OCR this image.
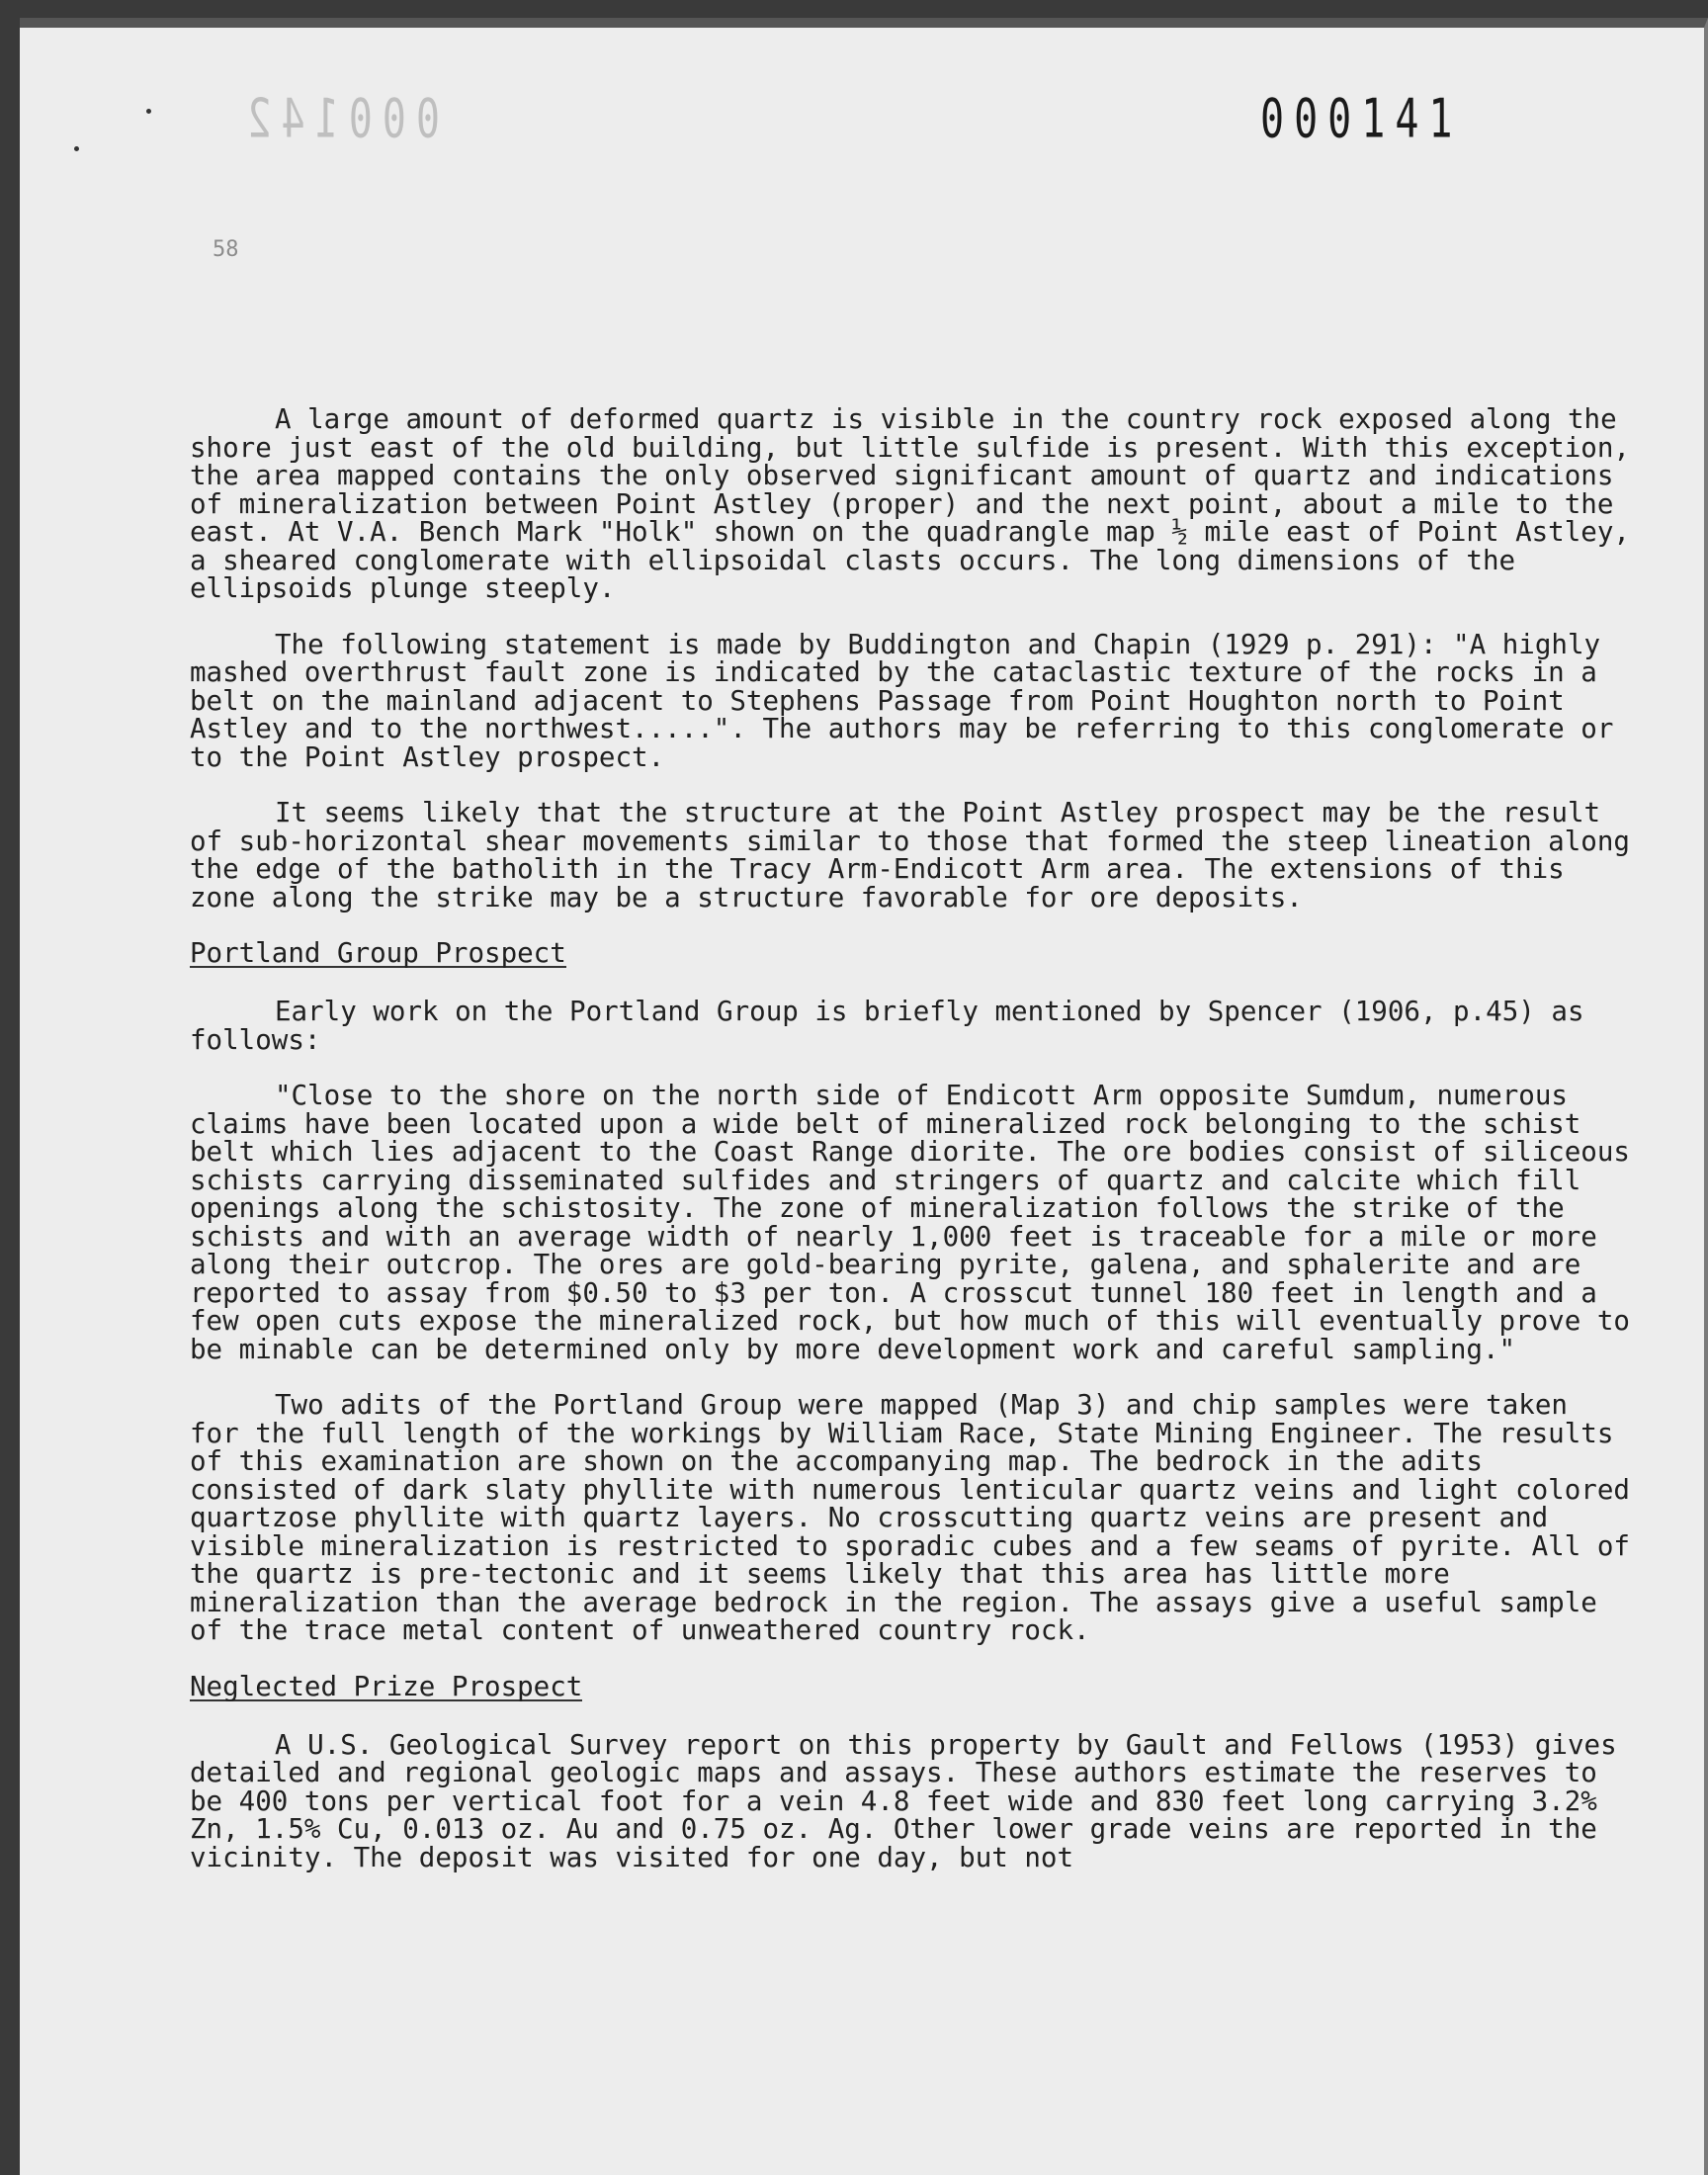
000142	000141
58

A large amount of deformed quartz is visible in the country rock exposed along the shore just east of the old building, but little sulfide is present. With this exception, the area mapped contains the only observed significant amount of quartz and indications of mineralization between Point Astley (proper) and the next point, about a mile to the east. At V.A. Bench Mark "Holk" shown on the quadrangle map ½ mile east of Point Astley, a sheared conglomerate with ellipsoidal clasts occurs. The long dimensions of the ellipsoids plunge steeply.

The following statement is made by Buddington and Chapin (1929 p. 291): "A highly mashed overthrust fault zone is indicated by the cataclastic texture of the rocks in a belt on the mainland adjacent to Stephens Passage from Point Houghton north to Point Astley and to the northwest.....". The authors may be referring to this conglomerate or to the Point Astley prospect.

It seems likely that the structure at the Point Astley prospect may be the result of sub-horizontal shear movements similar to those that formed the steep lineation along the edge of the batholith in the Tracy Arm-Endicott Arm area. The extensions of this zone along the strike may be a structure favorable for ore deposits.

Portland Group Prospect

Early work on the Portland Group is briefly mentioned by Spencer (1906, p.45) as follows:

"Close to the shore on the north side of Endicott Arm opposite Sumdum, numerous claims have been located upon a wide belt of mineralized rock belonging to the schist belt which lies adjacent to the Coast Range diorite. The ore bodies consist of siliceous schists carrying disseminated sulfides and stringers of quartz and calcite which fill openings along the schistosity. The zone of mineralization follows the strike of the schists and with an average width of nearly 1,000 feet is traceable for a mile or more along their outcrop. The ores are gold-bearing pyrite, galena, and sphalerite and are reported to assay from $0.50 to $3 per ton. A crosscut tunnel 180 feet in length and a few open cuts expose the mineralized rock, but how much of this will eventually prove to be minable can be determined only by more development work and careful sampling."

Two adits of the Portland Group were mapped (Map 3) and chip samples were taken for the full length of the workings by William Race, State Mining Engineer. The results of this examination are shown on the accompanying map. The bedrock in the adits consisted of dark slaty phyllite with numerous lenticular quartz veins and light colored quartzose phyllite with quartz layers. No crosscutting quartz veins are present and visible mineralization is restricted to sporadic cubes and a few seams of pyrite. All of the quartz is pre-tectonic and it seems likely that this area has little more mineralization than the average bedrock in the region. The assays give a useful sample of the trace metal content of unweathered country rock.

Neglected Prize Prospect

A U.S. Geological Survey report on this property by Gault and Fellows (1953) gives detailed and regional geologic maps and assays. These authors estimate the reserves to be 400 tons per vertical foot for a vein 4.8 feet wide and 830 feet long carrying 3.2% Zn, 1.5% Cu, 0.013 oz. Au and 0.75 oz. Ag. Other lower grade veins are reported in the vicinity. The deposit was visited for one day, but not
